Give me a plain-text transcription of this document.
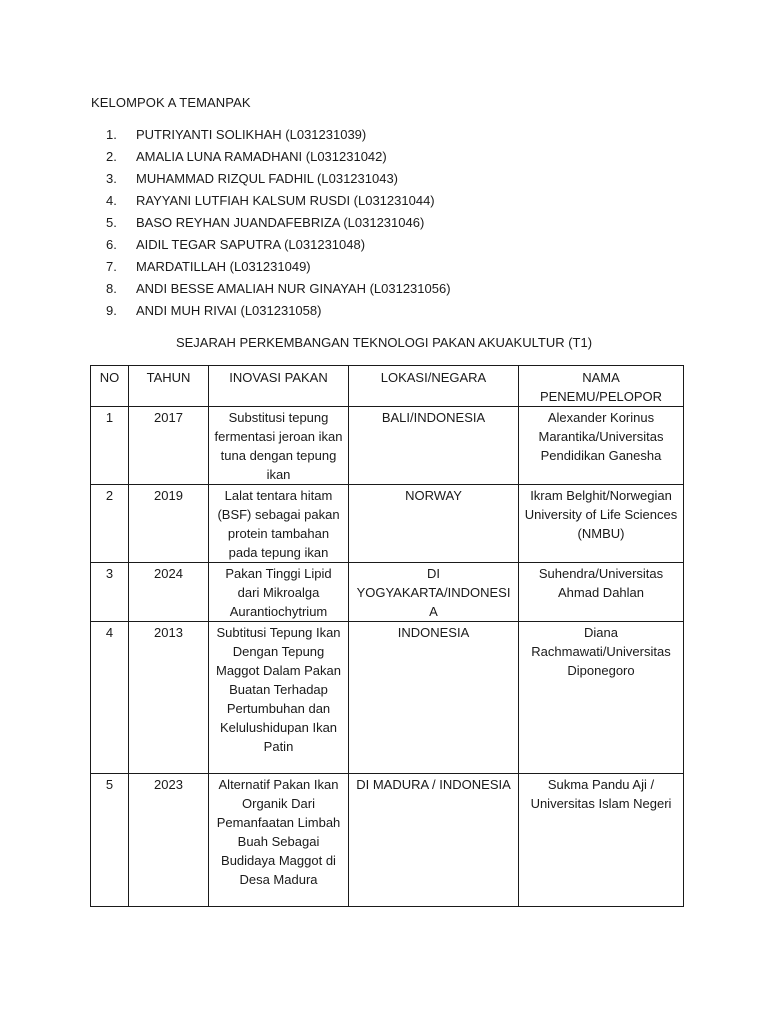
KELOMPOK A TEMANPAK
1.	PUTRIYANTI SOLIKHAH (L031231039)
2.	AMALIA LUNA RAMADHANI (L031231042)
3.	MUHAMMAD RIZQUL FADHIL (L031231043)
4.	RAYYANI LUTFIAH KALSUM RUSDI (L031231044)
5.	BASO REYHAN JUANDAFEBRIZA (L031231046)
6.	AIDIL TEGAR SAPUTRA (L031231048)
7.	MARDATILLAH (L031231049)
8.	ANDI BESSE AMALIAH NUR GINAYAH (L031231056)
9.	ANDI MUH RIVAI (L031231058)
SEJARAH PERKEMBANGAN TEKNOLOGI PAKAN AKUAKULTUR (T1)
NO	TAHUN	INOVASI PAKAN	LOKASI/NEGARA	NAMA PENEMU/PELOPOR
1	2017	Substitusi tepung fermentasi jeroan ikan tuna dengan tepung ikan	BALI/INDONESIA	Alexander Korinus Marantika/Universitas Pendidikan Ganesha
2	2019	Lalat tentara hitam (BSF) sebagai pakan protein tambahan pada tepung ikan	NORWAY	Ikram Belghit/Norwegian University of Life Sciences (NMBU)
3	2024	Pakan Tinggi Lipid dari Mikroalga Aurantiochytrium	DI YOGYAKARTA/INDONESIA	Suhendra/Universitas Ahmad Dahlan
4	2013	Subtitusi Tepung Ikan Dengan Tepung Maggot Dalam Pakan Buatan Terhadap Pertumbuhan dan Kelulushidupan Ikan Patin	INDONESIA	Diana Rachmawati/Universitas Diponegoro
5	2023	Alternatif Pakan Ikan Organik Dari Pemanfaatan Limbah Buah Sebagai Budidaya Maggot di Desa Madura	DI MADURA / INDONESIA	Sukma Pandu Aji / Universitas Islam Negeri
